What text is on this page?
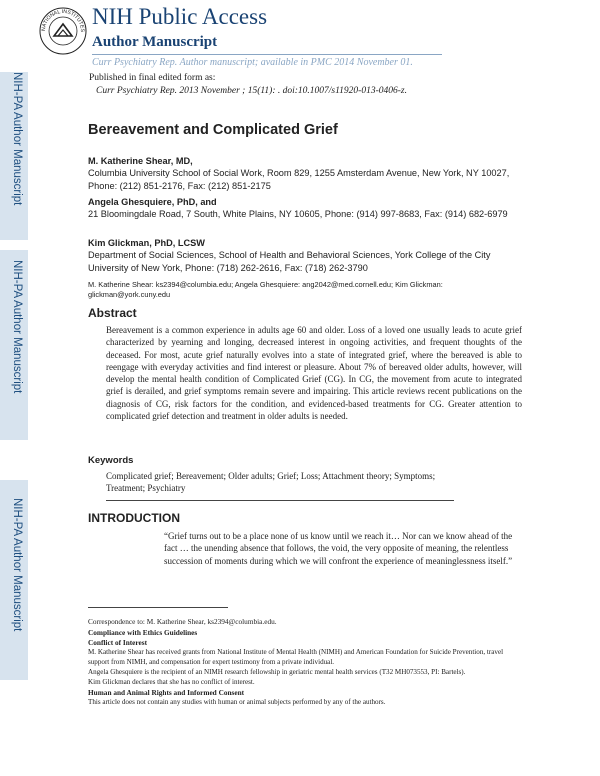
NATIONAL INSTITUTES
NIH Public Access
Author Manuscript
Curr Psychiatry Rep. Author manuscript; available in PMC 2014 November 01.
Published in final edited form as:
Curr Psychiatry Rep. 2013 November ; 15(11): . doi:10.1007/s11920-013-0406-z.
NIH-PA Author Manuscript
NIH-PA Author Manuscript
NIH-PA Author Manuscript
Bereavement and Complicated Grief
M. Katherine Shear, MD,
Columbia University School of Social Work, Room 829, 1255 Amsterdam Avenue, New York, NY 10027, Phone: (212) 851-2176, Fax: (212) 851-2175
Angela Ghesquiere, PhD, and
21 Bloomingdale Road, 7 South, White Plains, NY 10605, Phone: (914) 997-8683, Fax: (914) 682-6979
Kim Glickman, PhD, LCSW
Department of Social Sciences, School of Health and Behavioral Sciences, York College of the City University of New York, Phone: (718) 262-2616, Fax: (718) 262-3790
M. Katherine Shear: ks2394@columbia.edu; Angela Ghesquiere: ang2042@med.cornell.edu; Kim Glickman: glickman@york.cuny.edu
Abstract
Bereavement is a common experience in adults age 60 and older. Loss of a loved one usually leads to acute grief characterized by yearning and longing, decreased interest in ongoing activities, and frequent thoughts of the deceased. For most, acute grief naturally evolves into a state of integrated grief, where the bereaved is able to reengage with everyday activities and find interest or pleasure. About 7% of bereaved older adults, however, will develop the mental health condition of Complicated Grief (CG). In CG, the movement from acute to integrated grief is derailed, and grief symptoms remain severe and impairing. This article reviews recent publications on the diagnosis of CG, risk factors for the condition, and evidenced-based treatments for CG. Greater attention to complicated grief detection and treatment in older adults is needed.
Keywords
Complicated grief; Bereavement; Older adults; Grief; Loss; Attachment theory; Symptoms; Treatment; Psychiatry
INTRODUCTION
“Grief turns out to be a place none of us know until we reach it… Nor can we know ahead of the fact … the unending absence that follows, the void, the very opposite of meaning, the relentless succession of moments during which we will confront the experience of meaninglessness itself.”
Correspondence to: M. Katherine Shear, ks2394@columbia.edu.
Compliance with Ethics Guidelines
Conflict of Interest
M. Katherine Shear has received grants from National Institute of Mental Health (NIMH) and American Foundation for Suicide Prevention, travel support from NIMH, and compensation for expert testimony from a private individual.
Angela Ghesquiere is the recipient of an NIMH research fellowship in geriatric mental health services (T32 MH073553, PI: Bartels).
Kim Glickman declares that she has no conflict of interest.
Human and Animal Rights and Informed Consent
This article does not contain any studies with human or animal subjects performed by any of the authors.
